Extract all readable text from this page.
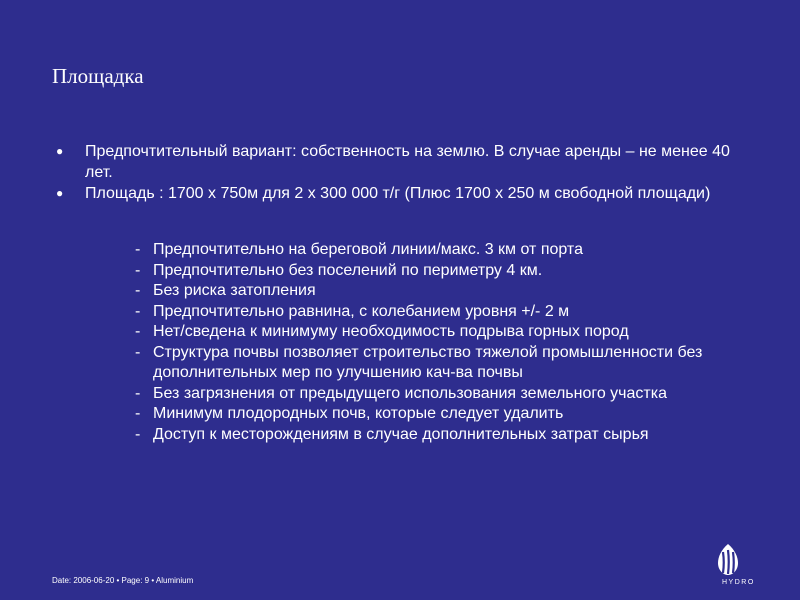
Площадка
● Предпочтительный вариант: собственность на землю. В случае аренды – не менее 40 лет.
● Площадь : 1700 х 750м для 2 х 300 000 т/г (Плюс 1700 х 250 м свободной площади)
- Предпочтительно на береговой линии/макс. 3 км от порта
- Предпочтительно без поселений по периметру 4 км.
- Без риска затопления
- Предпочтительно равнина, с колебанием уровня +/- 2 м
- Нет/сведена к минимуму необходимость подрыва горных пород
- Структура почвы позволяет строительство тяжелой промышленности без дополнительных мер по улучшению кач-ва почвы
- Без загрязнения от предыдущего использования земельного участка
- Минимум плодородных почв, которые следует удалить
- Доступ к месторождениям в случае дополнительных затрат сырья
Date: 2006-06-20 • Page: 9 • Aluminium	HYDRO
